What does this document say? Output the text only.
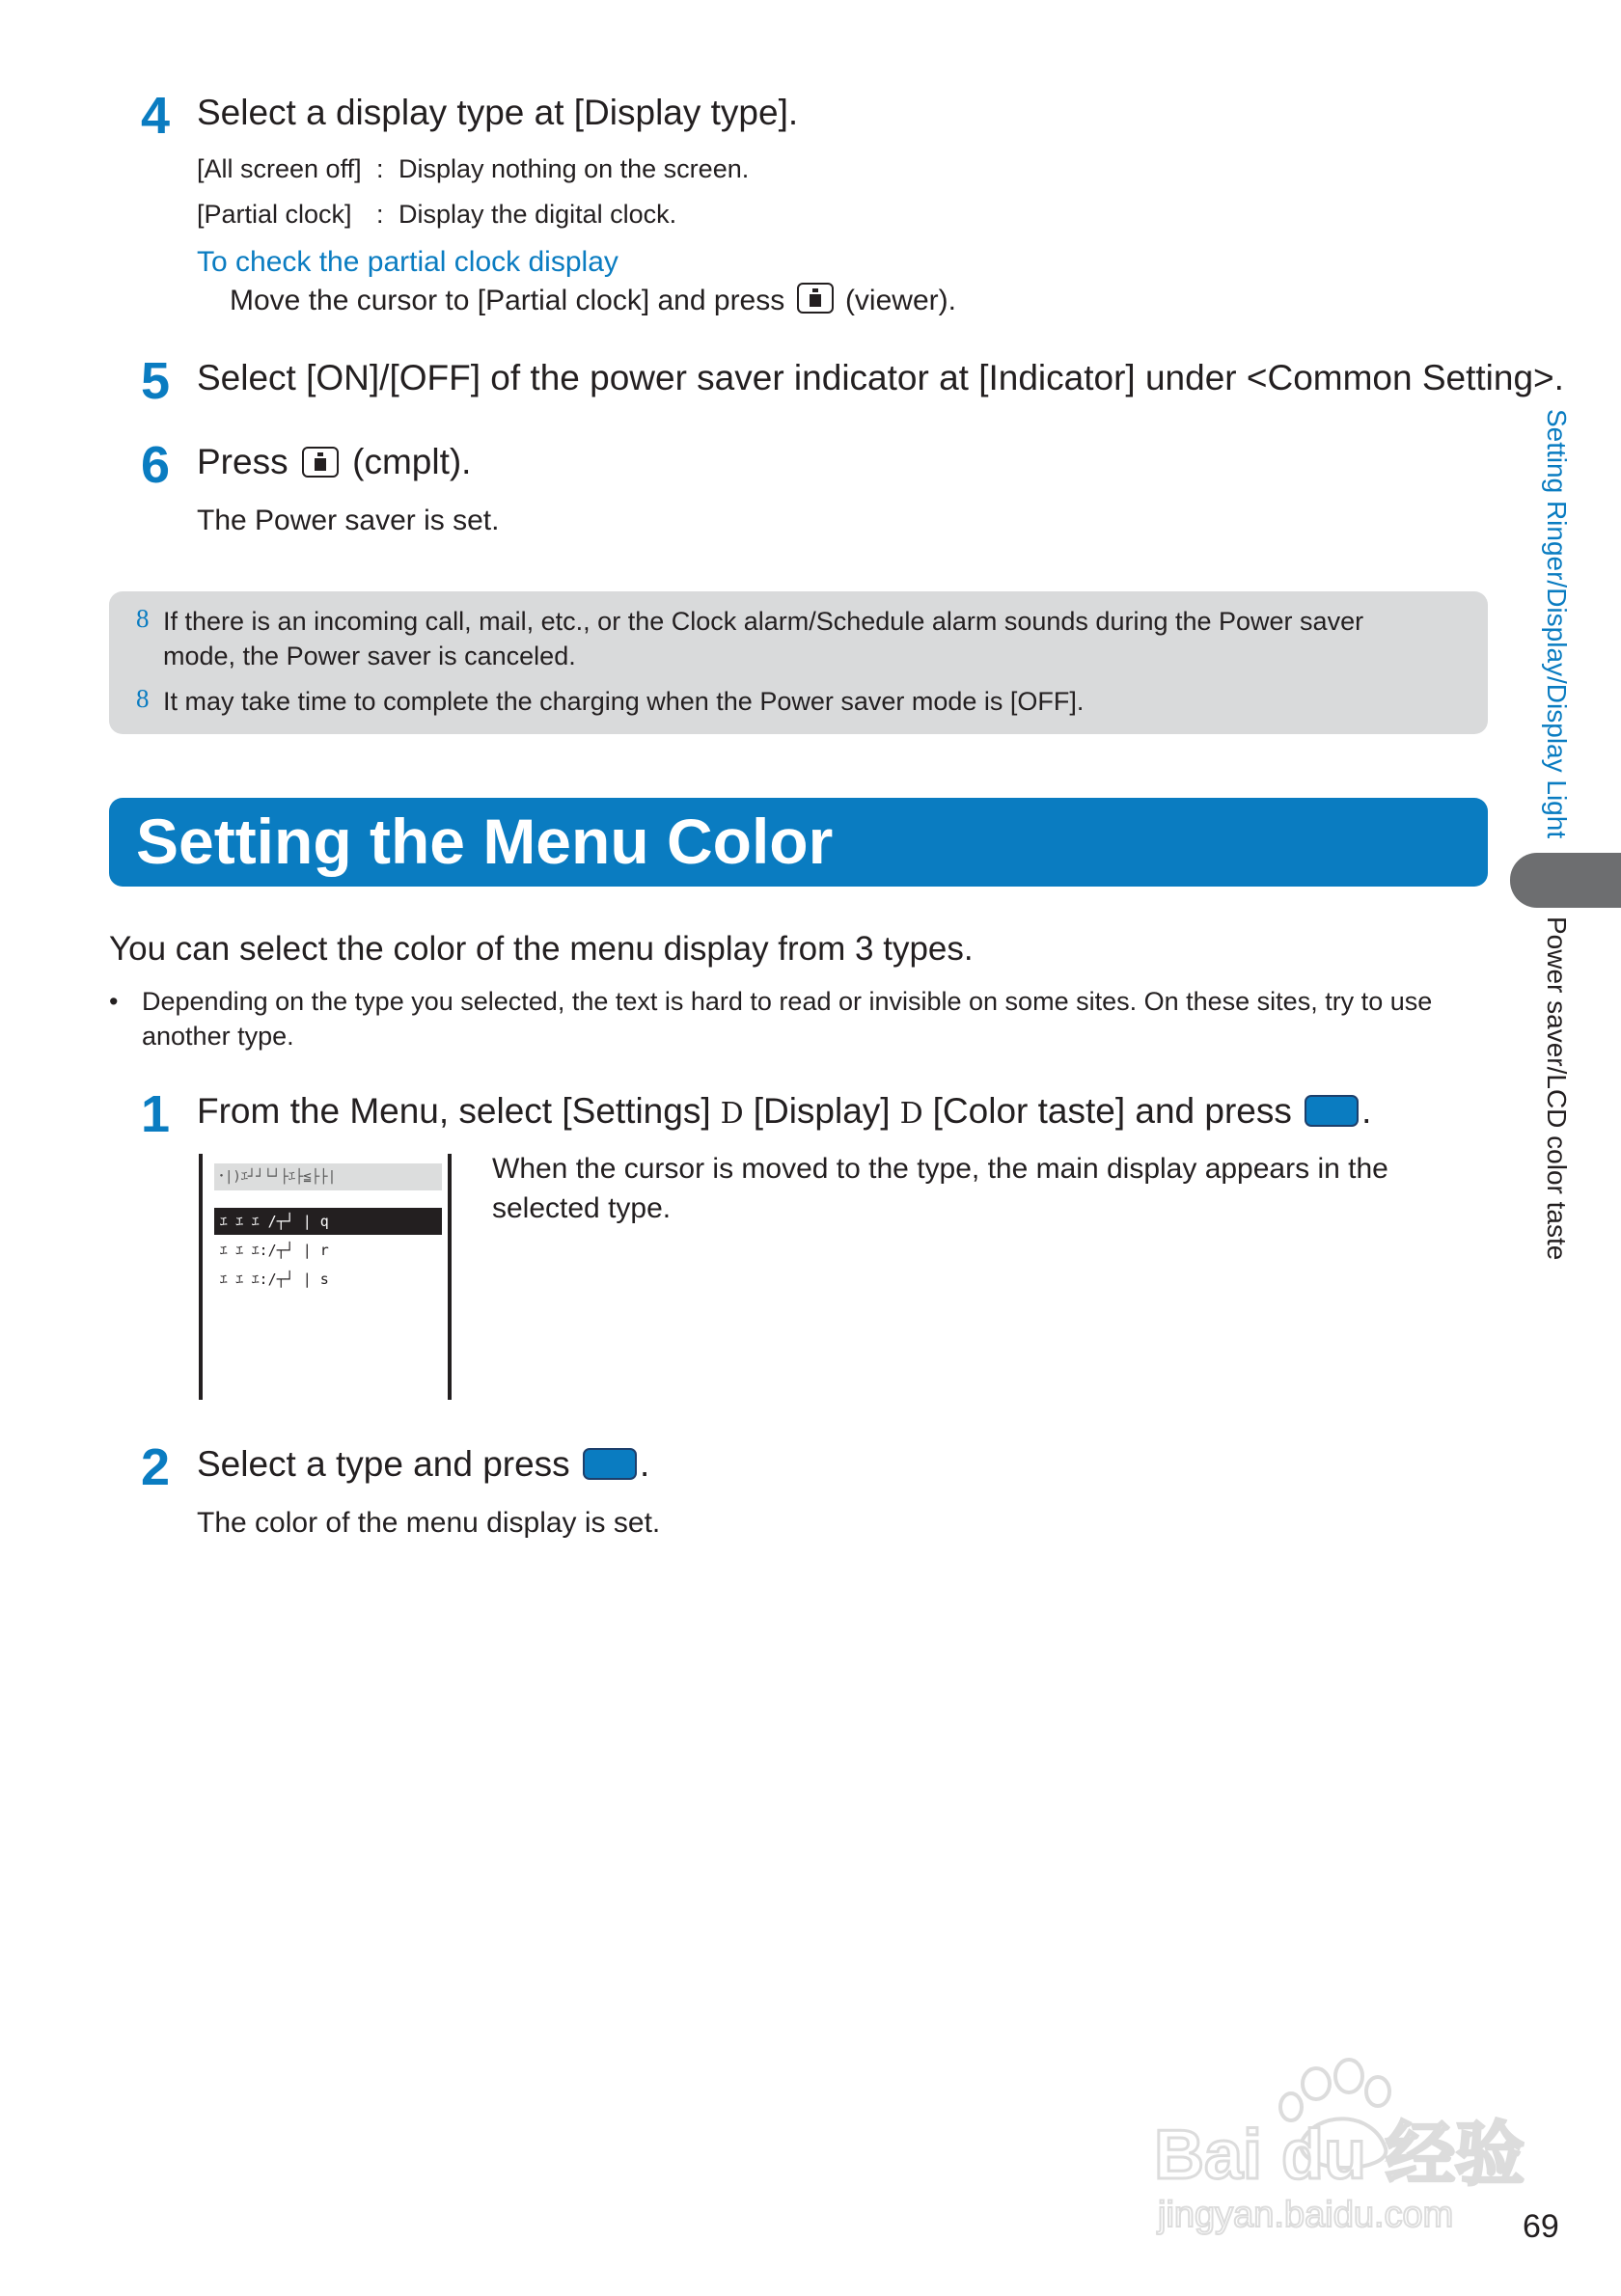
4 Select a display type at [Display type].
[All screen off] : Display nothing on the screen.
[Partial clock] : Display the digital clock.
To check the partial clock display
Move the cursor to [Partial clock] and press (viewer).
5 Select [ON]/[OFF] of the power saver indicator at [Indicator] under <Common Setting>.
6 Press (cmplt).
The Power saver is set.
8 If there is an incoming call, mail, etc., or the Clock alarm/Schedule alarm sounds during the Power saver
mode, the Power saver is canceled.
8 It may take time to complete the charging when the Power saver mode is [OFF].
Setting the Menu Color
You can select the color of the menu display from 3 types.
• Depending on the type you selected, the text is hard to read or invisible on some sites. On these sites, try to use
another type.
1 From the Menu, select [Settings] D [Display] D [Color taste] and press .
･|)ｴ┘┘└┘├ｴ├≦├├|
ｴ ｴ ｴ /┬┘ | q
ｴ ｴ ｴ:/┬┘ | r
ｴ ｴ ｴ:/┬┘ | s
When the cursor is moved to the type, the main display appears in the
selected type.
2 Select a type and press .
The color of the menu display is set.
Setting Ringer/Display/Display Light
Power saver/LCD color taste
Bai du 经验
jingyan.baidu.com 69
